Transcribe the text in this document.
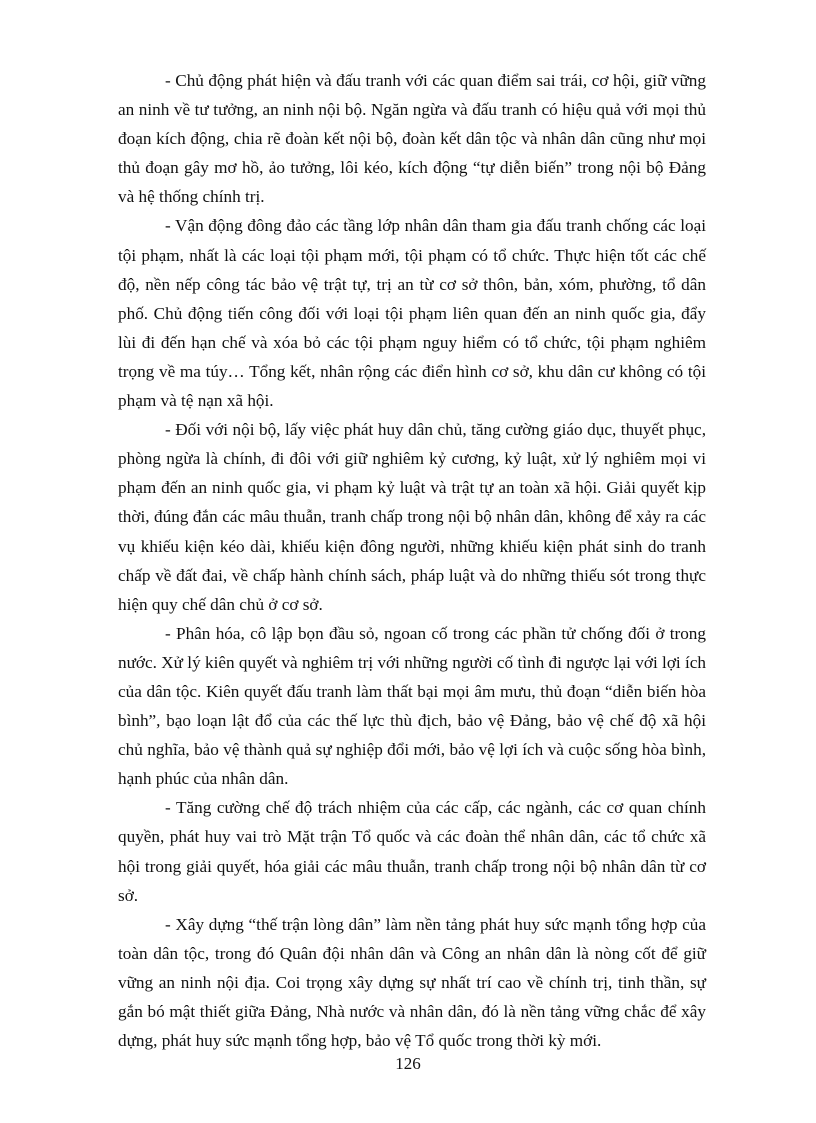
- Chủ động phát hiện và đấu tranh với các quan điểm sai trái, cơ hội, giữ vững an ninh về tư tưởng, an ninh nội bộ. Ngăn ngừa và đấu tranh có hiệu quả với mọi thủ đoạn kích động, chia rẽ đoàn kết nội bộ, đoàn kết dân tộc và nhân dân cũng như mọi thủ đoạn gây mơ hồ, ảo tưởng, lôi kéo, kích động “tự diễn biến” trong nội bộ Đảng và hệ thống chính trị.

- Vận động đông đảo các tầng lớp nhân dân tham gia đấu tranh chống các loại tội phạm, nhất là các loại tội phạm mới, tội phạm có tổ chức. Thực hiện tốt các chế độ, nền nếp công tác bảo vệ trật tự, trị an từ cơ sở thôn, bản, xóm, phường, tổ dân phố. Chủ động tiến công đối với loại tội phạm liên quan đến an ninh quốc gia, đẩy lùi đi đến hạn chế và xóa bỏ các tội phạm nguy hiểm có tổ chức, tội phạm nghiêm trọng về ma túy… Tổng kết, nhân rộng các điển hình cơ sở, khu dân cư không có tội phạm và tệ nạn xã hội.

- Đối với nội bộ, lấy việc phát huy dân chủ, tăng cường giáo dục, thuyết phục, phòng ngừa là chính, đi đôi với giữ nghiêm kỷ cương, kỷ luật, xử lý nghiêm mọi vi phạm đến an ninh quốc gia, vi phạm kỷ luật và trật tự an toàn xã hội. Giải quyết kịp thời, đúng đắn các mâu thuẫn, tranh chấp trong nội bộ nhân dân, không để xảy ra các vụ khiếu kiện kéo dài, khiếu kiện đông người, những khiếu kiện phát sinh do tranh chấp về đất đai, về chấp hành chính sách, pháp luật và do những thiếu sót trong thực hiện quy chế dân chủ ở cơ sở.

- Phân hóa, cô lập bọn đầu sỏ, ngoan cố trong các phần tử chống đối ở trong nước. Xử lý kiên quyết và nghiêm trị với những người cố tình đi ngược lại với lợi ích của dân tộc. Kiên quyết đấu tranh làm thất bại mọi âm mưu, thủ đoạn “diễn biến hòa bình”, bạo loạn lật đổ của các thế lực thù địch, bảo vệ Đảng, bảo vệ chế độ xã hội chủ nghĩa, bảo vệ thành quả sự nghiệp đổi mới, bảo vệ lợi ích và cuộc sống hòa bình, hạnh phúc của nhân dân.

- Tăng cường chế độ trách nhiệm của các cấp, các ngành, các cơ quan chính quyền, phát huy vai trò Mặt trận Tổ quốc và các đoàn thể nhân dân, các tổ chức xã hội trong giải quyết, hóa giải các mâu thuẫn, tranh chấp trong nội bộ nhân dân từ cơ sở.

- Xây dựng “thế trận lòng dân” làm nền tảng phát huy sức mạnh tổng hợp của toàn dân tộc, trong đó Quân đội nhân dân và Công an nhân dân là nòng cốt để giữ vững an ninh nội địa. Coi trọng xây dựng sự nhất trí cao về chính trị, tinh thần, sự gắn bó mật thiết giữa Đảng, Nhà nước và nhân dân, đó là nền tảng vững chắc để xây dựng, phát huy sức mạnh tổng hợp, bảo vệ Tổ quốc trong thời kỳ mới.

126
